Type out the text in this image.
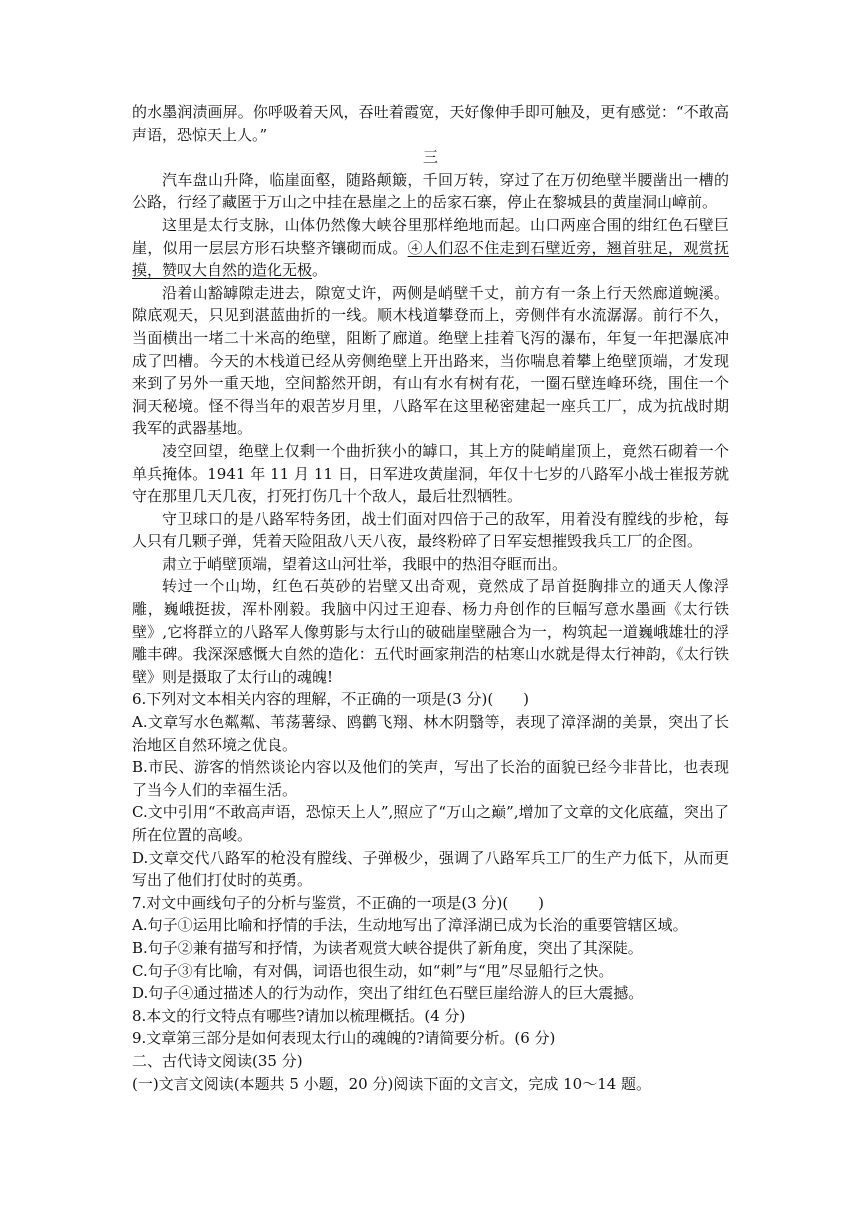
的水墨润渍画屏。你呼吸着天风，吞吐着霞宽，天好像伸手即可触及，更有感觉：“不敢高声语，恐惊天上人。”

三

汽车盘山升降，临崖面壑，随路颠簸，千回万转，穿过了在万仞绝壁半腰凿出一槽的公路，行经了藏匿于万山之中挂在悬崖之上的岳家石寨，停止在黎城县的黄崖洞山嶂前。

这里是太行支脉，山体仍然像大峡谷里那样绝地而起。山口两座合围的绀红色石壁巨崖，似用一层层方形石块整齐镶砌而成。④人们忍不住走到石壁近旁，翘首驻足，观赏抚摸，赞叹大自然的造化无极。

沿着山豁罅隙走进去，隙宽丈许，两侧是峭壁千丈，前方有一条上行天然廊道蜿溪。隙底观天，只见到湛蓝曲折的一线。顺木栈道攀登而上，旁侧伴有水流潺潺。前行不久，当面横出一堵二十米高的绝壁，阻断了廊道。绝壁上挂着飞泻的瀑布，年复一年把瀑底冲成了凹槽。今天的木栈道已经从旁侧绝壁上开出路来，当你喘息着攀上绝壁顶端，才发现来到了另外一重天地，空间豁然开朗，有山有水有树有花，一圈石壁连峰环绕，围住一个洞天秘境。怪不得当年的艰苦岁月里，八路军在这里秘密建起一座兵工厂，成为抗战时期我军的武器基地。

凌空回望，绝壁上仅剩一个曲折狭小的罅口，其上方的陡峭崖顶上，竟然石砌着一个单兵掩体。1941 年 11 月 11 日，日军进攻黄崖洞，年仅十七岁的八路军小战士崔报芳就守在那里几天几夜，打死打伤几十个敌人，最后壮烈牺牲。

守卫球口的是八路军特务团，战士们面对四倍于己的敌军，用着没有膛线的步枪，每人只有几颗子弹，凭着天险阻敌八天八夜，最终粉碎了日军妄想摧毁我兵工厂的企图。

肃立于峭壁顶端，望着这山河壮举，我眼中的热泪夺眶而出。

转过一个山坳，红色石英砂的岩壁又出奇观，竟然成了昂首挺胸排立的通天人像浮雕，巍峨挺拔，浑朴刚毅。我脑中闪过王迎春、杨力舟创作的巨幅写意水墨画《太行铁壁》,它将群立的八路军人像剪影与太行山的破础崖壁融合为一，构筑起一道巍峨雄壮的浮雕丰碑。我深深感慨大自然的造化：五代时画家荆浩的枯寒山水就是得太行神韵，《太行铁壁》则是摄取了太行山的魂魄!

6.下列对文本相关内容的理解，不正确的一项是(3 分)(　　)

A.文章写水色粼粼、苇荡薯绿、鸥鹳飞翔、林木阴翳等，表现了漳泽湖的美景，突出了长治地区自然环境之优良。

B.市民、游客的悄然谈论内容以及他们的笑声，写出了长治的面貌已经今非昔比，也表现了当今人们的幸福生活。

C.文中引用“不敢高声语，恐惊天上人”,照应了“万山之巅”,增加了文章的文化底蕴，突出了所在位置的高峻。

D.文章交代八路军的枪没有膛线、子弹极少，强调了八路军兵工厂的生产力低下，从而更写出了他们打仗时的英勇。

7.对文中画线句子的分析与鉴赏，不正确的一项是(3 分)(　　)

A.句子①运用比喻和抒情的手法，生动地写出了漳泽湖已成为长治的重要管辖区域。

B.句子②兼有描写和抒情，为读者观赏大峡谷提供了新角度，突出了其深陡。

C.句子③有比喻，有对偶，词语也很生动，如“刺”与“甩”尽显船行之快。

D.句子④通过描述人的行为动作，突出了绀红色石壁巨崖给游人的巨大震撼。

8.本文的行文特点有哪些?请加以梳理概括。(4 分)

9.文章第三部分是如何表现太行山的魂魄的?请简要分析。(6 分)

二、古代诗文阅读(35 分)

(一)文言文阅读(本题共 5 小题，20 分)阅读下面的文言文，完成 10～14 题。
